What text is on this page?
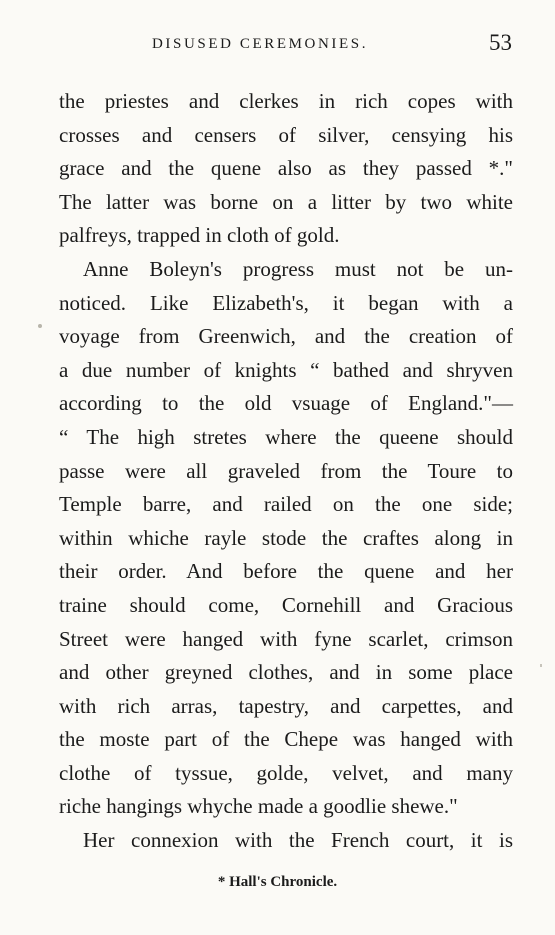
DISUSED CEREMONIES.	53
the priestes and clerkes in rich copes with
crosses and censers of silver, censying his
grace and the quene also as they passed *."
The latter was borne on a litter by two white
palfreys, trapped in cloth of gold.
Anne Boleyn's progress must not be un-
noticed. Like Elizabeth's, it began with a
voyage from Greenwich, and the creation of
a due number of knights “ bathed and shryven
according to the old vsuage of England."—
“ The high stretes where the queene should
passe were all graveled from the Toure to
Temple barre, and railed on the one side;
within whiche rayle stode the craftes along in
their order. And before the quene and her
traine should come, Cornehill and Gracious
Street were hanged with fyne scarlet, crimson
and other greyned clothes, and in some place
with rich arras, tapestry, and carpettes, and
the moste part of the Chepe was hanged with
clothe of tyssue, golde, velvet, and many
riche hangings whyche made a goodlie shewe."
Her connexion with the French court, it is
* Hall's Chronicle.
